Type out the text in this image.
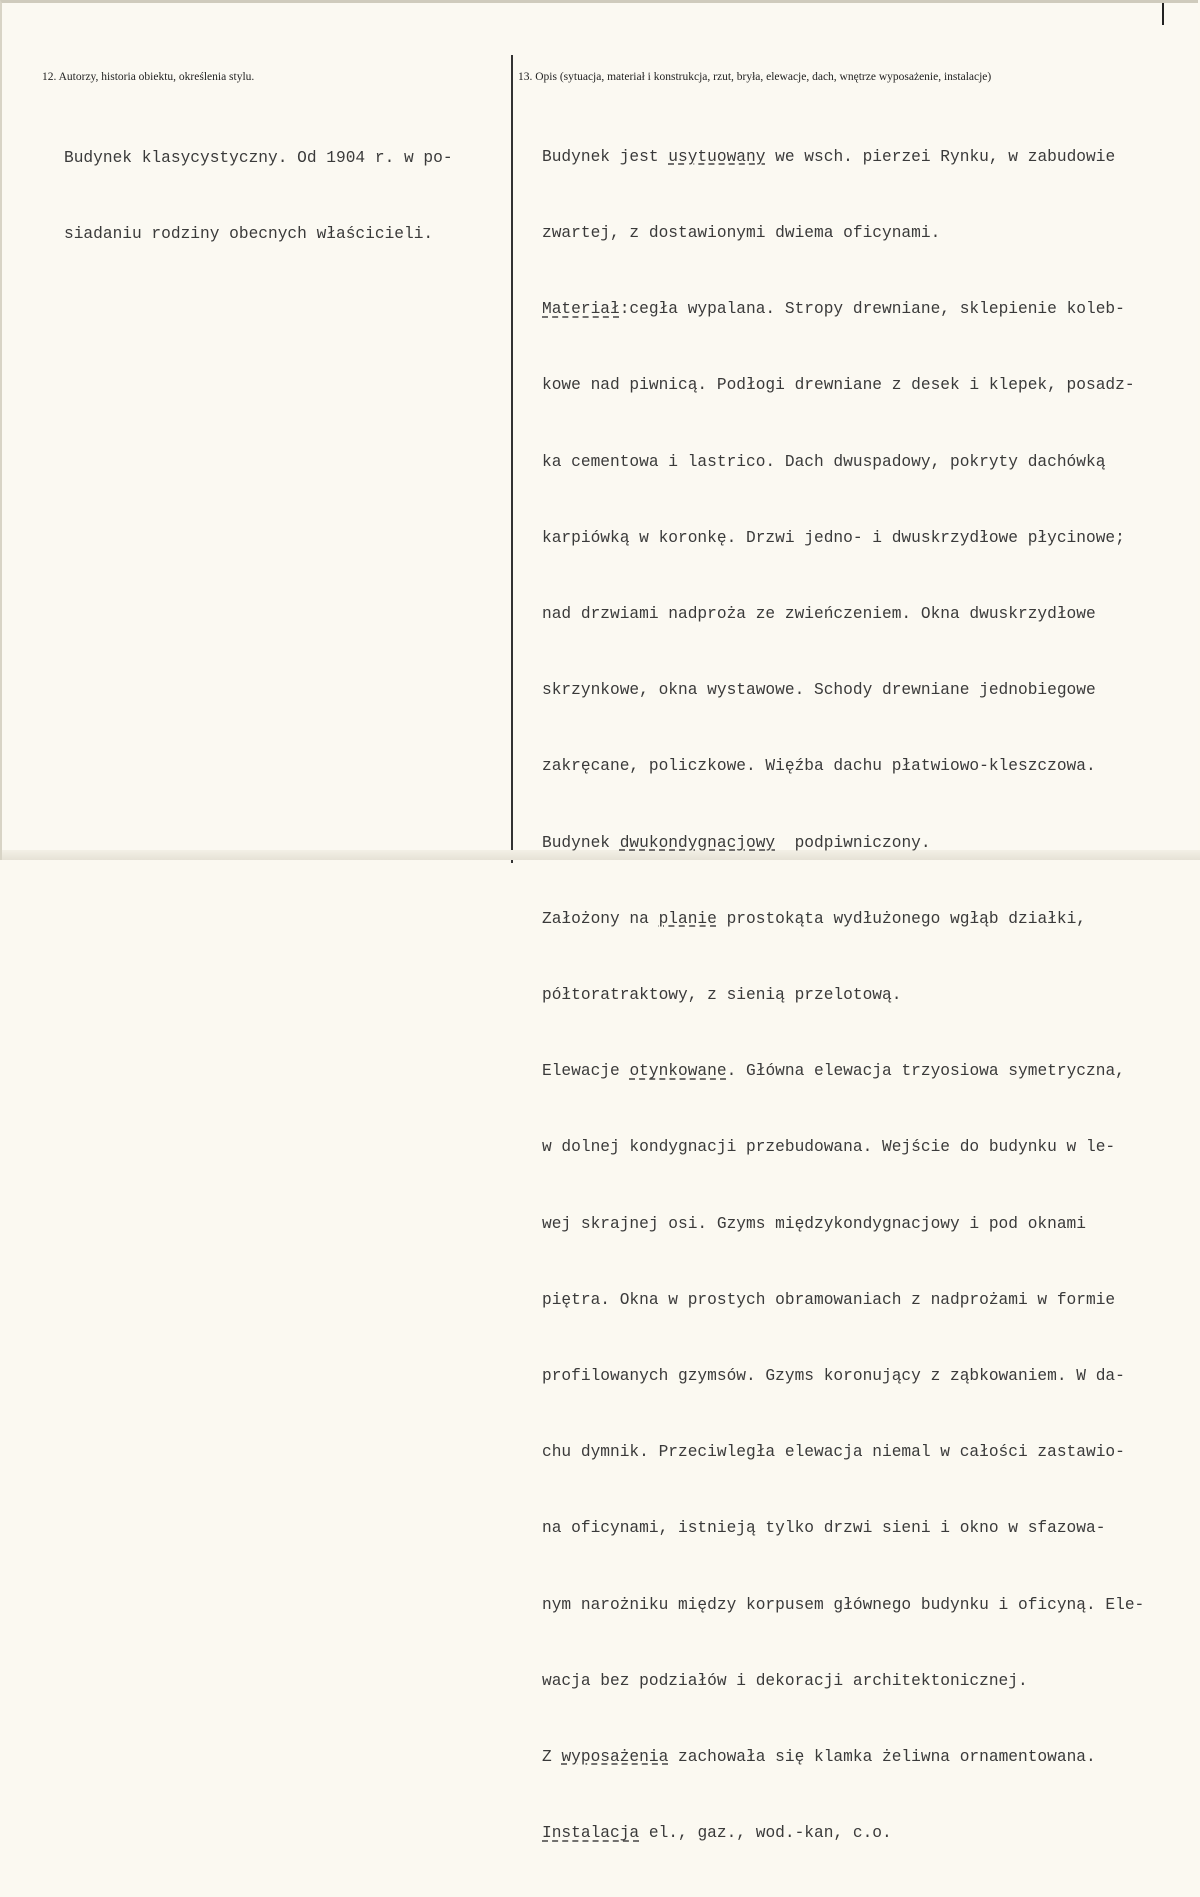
12. Autorzy, historia obiektu, określenia stylu.	13. Opis (sytuacja, materiał i konstrukcja, rzut, bryła, elewacje, dach, wnętrze wyposażenie, instalacje)

Budynek klasycystyczny. Od 1904 r. w po-

siadaniu rodziny obecnych właścicieli.

Budynek jest usytuowany we wsch. pierzei Rynku, w zabudowie

zwartej, z dostawionymi dwiema oficynami.

Materiał:cegła wypalana. Stropy drewniane, sklepienie koleb-

kowe nad piwnicą. Podłogi drewniane z desek i klepek, posadz-

ka cementowa i lastrico. Dach dwuspadowy, pokryty dachówką

karpiówką w koronkę. Drzwi jedno- i dwuskrzydłowe płycinowe;

nad drzwiami nadproża ze zwieńczeniem. Okna dwuskrzydłowe

skrzynkowe, okna wystawowe. Schody drewniane jednobiegowe

zakręcane, policzkowe. Więźba dachu płatwiowo-kleszczowa.

Budynek dwukondygnacjowy  podpiwniczony.

Założony na planie prostokąta wydłużonego wgłąb działki,

półtoratraktowy, z sienią przelotową.

Elewacje otynkowane. Główna elewacja trzyosiowa symetryczna,

w dolnej kondygnacji przebudowana. Wejście do budynku w le-

wej skrajnej osi. Gzyms międzykondygnacjowy i pod oknami

piętra. Okna w prostych obramowaniach z nadprożami w formie

profilowanych gzymsów. Gzyms koronujący z ząbkowaniem. W da-

chu dymnik. Przeciwległa elewacja niemal w całości zastawio-

na oficynami, istnieją tylko drzwi sieni i okno w sfazowa-

nym narożniku między korpusem głównego budynku i oficyną. Ele-

wacja bez podziałów i dekoracji architektonicznej.

Z wyposażenia zachowała się klamka żeliwna ornamentowana.

Instalacja el., gaz., wod.-kan, c.o.
